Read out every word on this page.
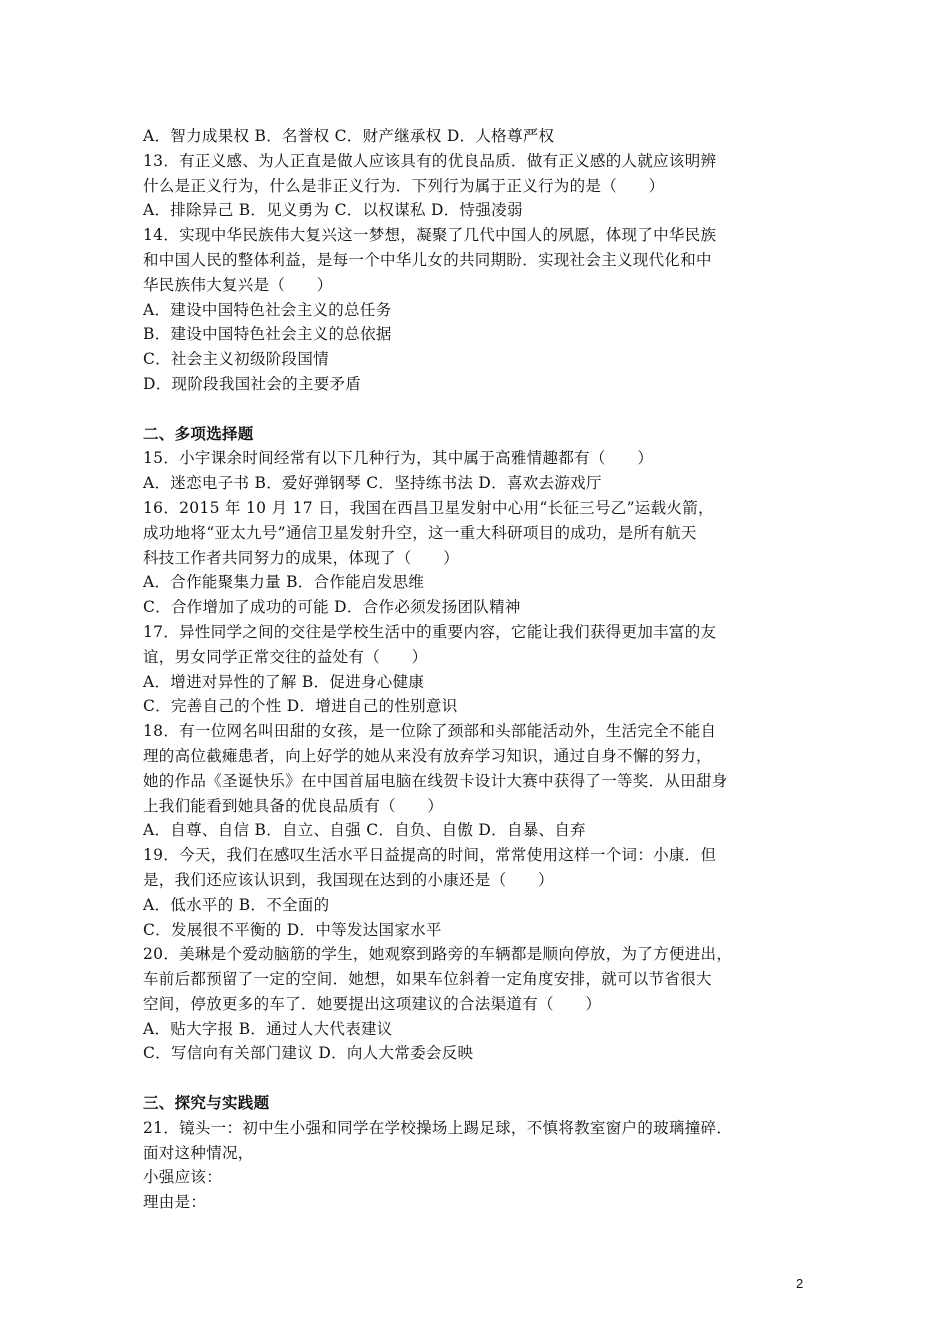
A．智力成果权 B．名誉权 C．财产继承权 D．人格尊严权
13．有正义感、为人正直是做人应该具有的优良品质．做有正义感的人就应该明辨
什么是正义行为，什么是非正义行为．下列行为属于正义行为的是（　　）
A．排除异己 B．见义勇为 C．以权谋私 D．恃强凌弱
14．实现中华民族伟大复兴这一梦想，凝聚了几代中国人的夙愿，体现了中华民族
和中国人民的整体利益，是每一个中华儿女的共同期盼．实现社会主义现代化和中
华民族伟大复兴是（　　）
A．建设中国特色社会主义的总任务
B．建设中国特色社会主义的总依据
C．社会主义初级阶段国情
D．现阶段我国社会的主要矛盾
二、多项选择题
15．小宇课余时间经常有以下几种行为，其中属于高雅情趣都有（　　）
A．迷恋电子书 B．爱好弹钢琴 C．坚持练书法 D．喜欢去游戏厅
16．2015 年 10 月 17 日，我国在西昌卫星发射中心用“长征三号乙”运载火箭，
成功地将“亚太九号”通信卫星发射升空，这一重大科研项目的成功，是所有航天
科技工作者共同努力的成果，体现了（　　）
A．合作能聚集力量 B．合作能启发思维
C．合作增加了成功的可能 D．合作必须发扬团队精神
17．异性同学之间的交往是学校生活中的重要内容，它能让我们获得更加丰富的友
谊，男女同学正常交往的益处有（　　）
A．增进对异性的了解 B．促进身心健康
C．完善自己的个性 D．增进自己的性别意识
18．有一位网名叫田甜的女孩，是一位除了颈部和头部能活动外，生活完全不能自
理的高位截瘫患者，向上好学的她从来没有放弃学习知识，通过自身不懈的努力，
她的作品《圣诞快乐》在中国首届电脑在线贺卡设计大赛中获得了一等奖．从田甜身
上我们能看到她具备的优良品质有（　　）
A．自尊、自信 B．自立、自强 C．自负、自傲 D．自暴、自弃
19．今天，我们在感叹生活水平日益提高的时间，常常使用这样一个词：小康．但
是，我们还应该认识到，我国现在达到的小康还是（　　）
A．低水平的 B．不全面的
C．发展很不平衡的 D．中等发达国家水平
20．美琳是个爱动脑筋的学生，她观察到路旁的车辆都是顺向停放，为了方便进出，
车前后都预留了一定的空间．她想，如果车位斜着一定角度安排，就可以节省很大
空间，停放更多的车了．她要提出这项建议的合法渠道有（　　）
A．贴大字报 B．通过人大代表建议
C．写信向有关部门建议 D．向人大常委会反映
三、探究与实践题
21．镜头一：初中生小强和同学在学校操场上踢足球，不慎将教室窗户的玻璃撞碎．
面对这种情况，
小强应该：
理由是：
2
